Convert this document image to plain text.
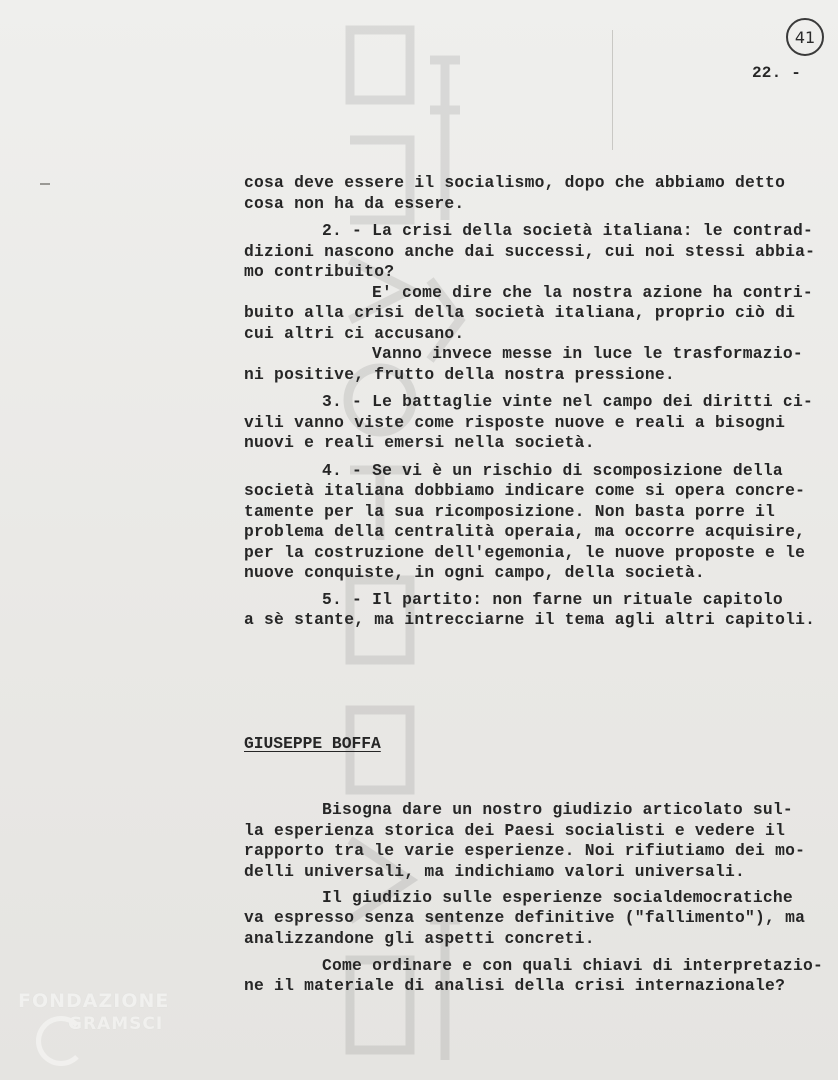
41
22. -
cosa deve essere il socialismo, dopo che abbiamo detto
cosa non ha da essere.
2. - La crisi della società italiana: le contrad-
dizioni nascono anche dai successi, cui noi stessi abbia-
mo contribuito?
E' come dire che la nostra azione ha contri-
buito alla crisi della società italiana, proprio ciò di
cui altri ci accusano.
Vanno invece messe in luce le trasformazio-
ni positive, frutto della nostra pressione.
3. - Le battaglie vinte nel campo dei diritti ci-
vili vanno viste come risposte nuove e reali a bisogni
nuovi e reali emersi nella società.
4. - Se vi è un rischio di scomposizione della
società italiana dobbiamo indicare come si opera concre-
tamente per la sua ricomposizione. Non basta porre il
problema della centralità operaia, ma occorre acquisire,
per la costruzione dell'egemonia, le nuove proposte e le
nuove conquiste, in ogni campo, della società.
5. - Il partito: non farne un rituale capitolo
a sè stante, ma intrecciarne il tema agli altri capitoli.
GIUSEPPE BOFFA
Bisogna dare un nostro giudizio articolato sul-
la esperienza storica dei Paesi socialisti e vedere il
rapporto tra le varie esperienze. Noi rifiutiamo dei mo-
delli universali, ma indichiamo valori universali.
Il giudizio sulle esperienze socialdemocratiche
va espresso senza sentenze definitive ("fallimento"), ma
analizzandone gli aspetti concreti.
Come ordinare e con quali chiavi di interpretazio-
ne il materiale di analisi della crisi internazionale?
FONDAZIONE
GRAMSCI
